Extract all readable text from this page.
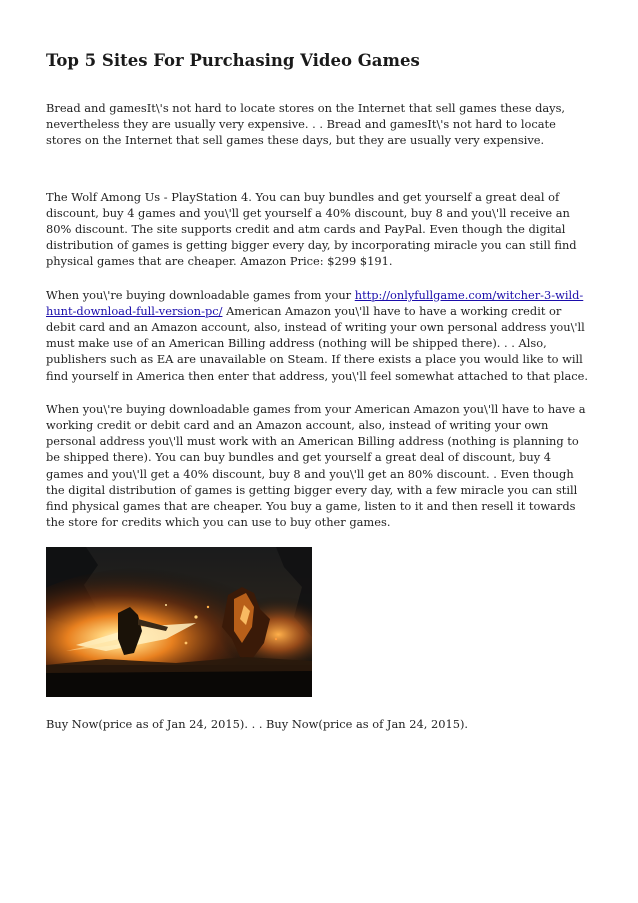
Top 5 Sites For Purchasing Video Games

Bread and gamesIt\'s not hard to locate stores on the Internet that sell games these days, nevertheless they are usually very expensive. . . Bread and gamesIt\'s not hard to locate stores on the Internet that sell games these days, but they are usually very expensive.

The Wolf Among Us - PlayStation 4. You can buy bundles and get yourself a great deal of discount, buy 4 games and you\'ll get yourself a 40% discount, buy 8 and you\'ll receive an 80% discount. The site supports credit and atm cards and PayPal. Even though the digital distribution of games is getting bigger every day, by incorporating miracle you can still find physical games that are cheaper. Amazon Price: $299 $191.

When you\'re buying downloadable games from your http://onlyfullgame.com/witcher-3-wild-hunt-download-full-version-pc/ American Amazon you\'ll have to have a working credit or debit card and an Amazon account, also, instead of writing your own personal address you\'ll must make use of an American Billing address (nothing will be shipped there). . . Also, publishers such as EA are unavailable on Steam. If there exists a place you would like to will find yourself in America then enter that address, you\'ll feel somewhat attached to that place.

When you\'re buying downloadable games from your American Amazon you\'ll have to have a working credit or debit card and an Amazon account, also, instead of writing your own personal address you\'ll must work with an American Billing address (nothing is planning to be shipped there). You can buy bundles and get yourself a great deal of discount, buy 4 games and you\'ll get a 40% discount, buy 8 and you\'ll get an 80% discount. . Even though the digital distribution of games is getting bigger every day, with a few miracle you can still find physical games that are cheaper. You buy a game, listen to it and then resell it towards the store for credits which you can use to buy other games.

Buy Now(price as of Jan 24, 2015). . . Buy Now(price as of Jan 24, 2015).
